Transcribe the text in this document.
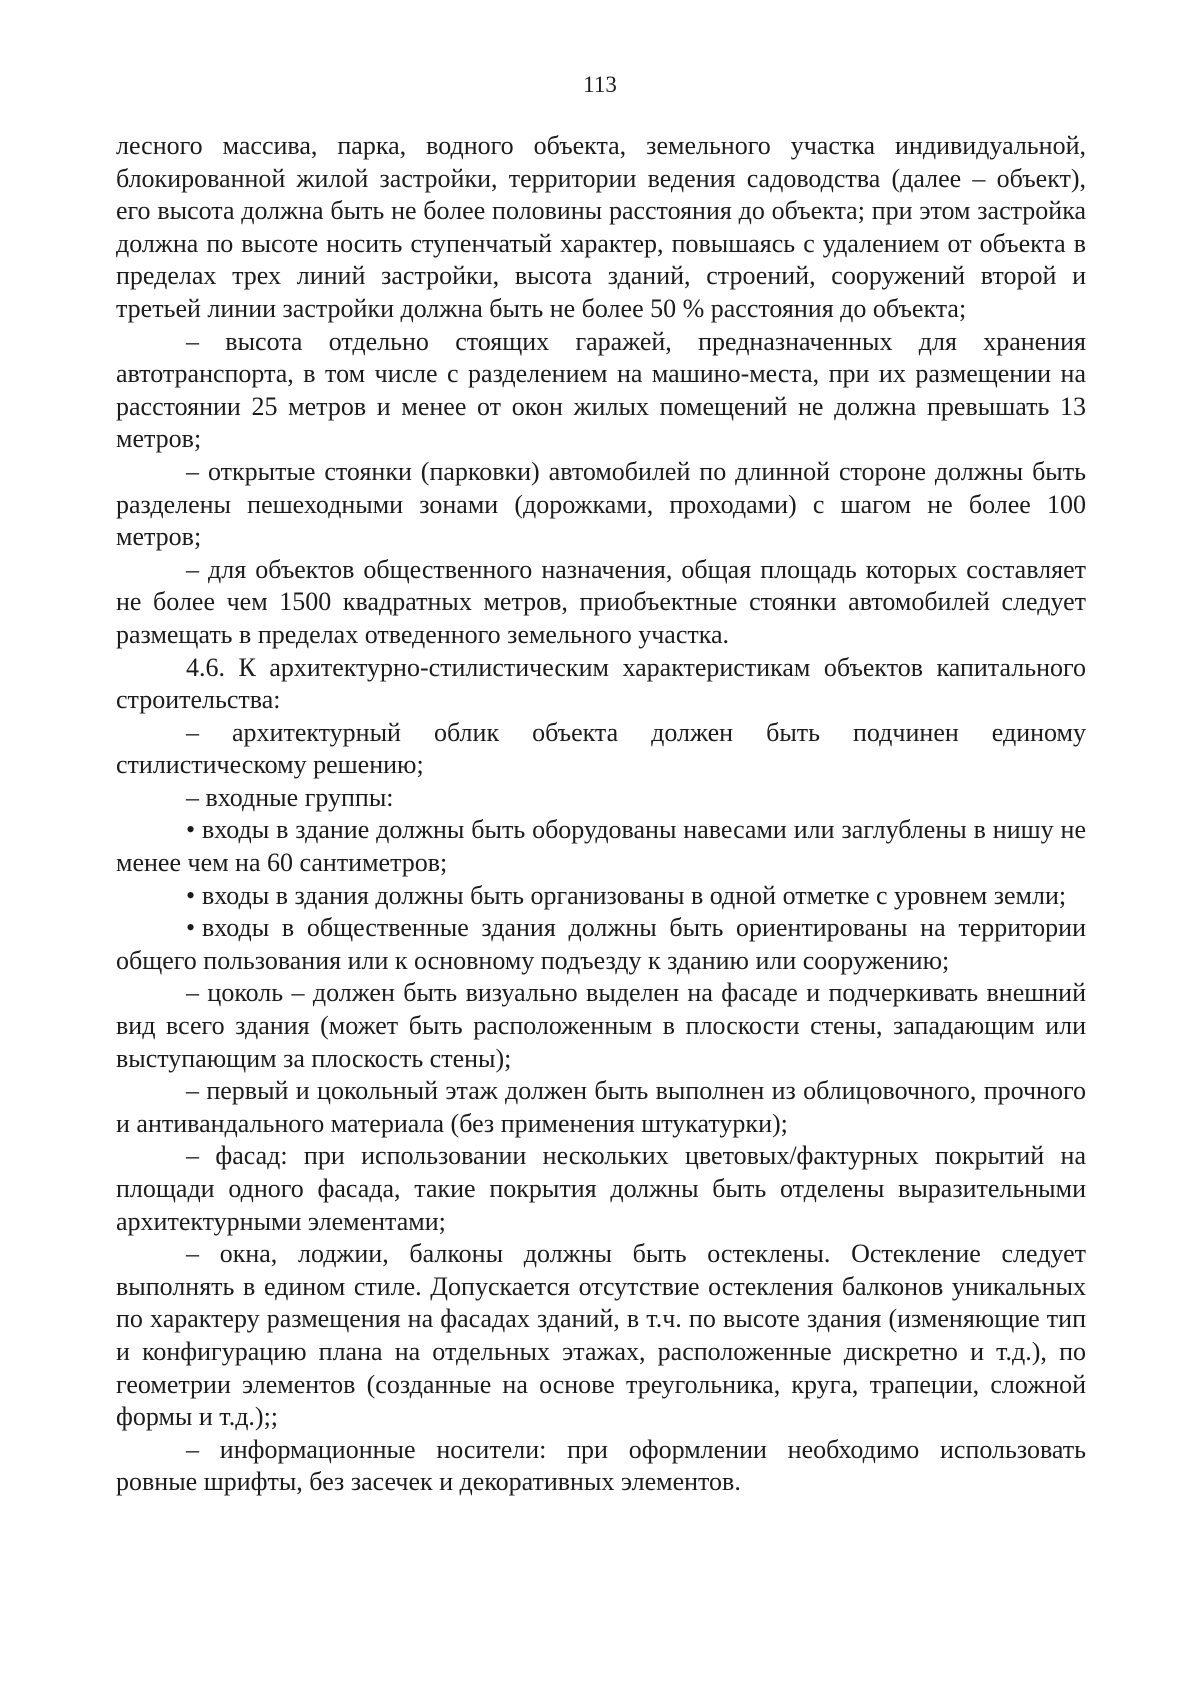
113

лесного массива, парка, водного объекта, земельного участка индивидуальной, блокированной жилой застройки, территории ведения садоводства (далее – объект), его высота должна быть не более половины расстояния до объекта; при этом застройка должна по высоте носить ступенчатый характер, повышаясь с удалением от объекта в пределах трех линий застройки, высота зданий, строений, сооружений второй и третьей линии застройки должна быть не более 50 % расстояния до объекта;

– высота отдельно стоящих гаражей, предназначенных для хранения автотранспорта, в том числе с разделением на машино-места, при их размещении на расстоянии 25 метров и менее от окон жилых помещений не должна превышать 13 метров;

– открытые стоянки (парковки) автомобилей по длинной стороне должны быть разделены пешеходными зонами (дорожками, проходами) с шагом не более 100 метров;

– для объектов общественного назначения, общая площадь которых составляет не более чем 1500 квадратных метров, приобъектные стоянки автомобилей следует размещать в пределах отведенного земельного участка.

4.6. К архитектурно-стилистическим характеристикам объектов капитального строительства:

– архитектурный облик объекта должен быть подчинен единому стилистическому решению;

– входные группы:

• входы в здание должны быть оборудованы навесами или заглублены в нишу не менее чем на 60 сантиметров;

• входы в здания должны быть организованы в одной отметке с уровнем земли;

• входы в общественные здания должны быть ориентированы на территории общего пользования или к основному подъезду к зданию или сооружению;

– цоколь – должен быть визуально выделен на фасаде и подчеркивать внешний вид всего здания (может быть расположенным в плоскости стены, западающим или выступающим за плоскость стены);

– первый и цокольный этаж должен быть выполнен из облицовочного, прочного и антивандального материала (без применения штукатурки);

– фасад: при использовании нескольких цветовых/фактурных покрытий на площади одного фасада, такие покрытия должны быть отделены выразительными архитектурными элементами;

– окна, лоджии, балконы должны быть остеклены. Остекление следует выполнять в едином стиле. Допускается отсутствие остекления балконов уникальных по характеру размещения на фасадах зданий, в т.ч. по высоте здания (изменяющие тип и конфигурацию плана на отдельных этажах, расположенные дискретно и т.д.), по геометрии элементов (созданные на основе треугольника, круга, трапеции, сложной формы и т.д.);;

– информационные носители: при оформлении необходимо использовать ровные шрифты, без засечек и декоративных элементов.
